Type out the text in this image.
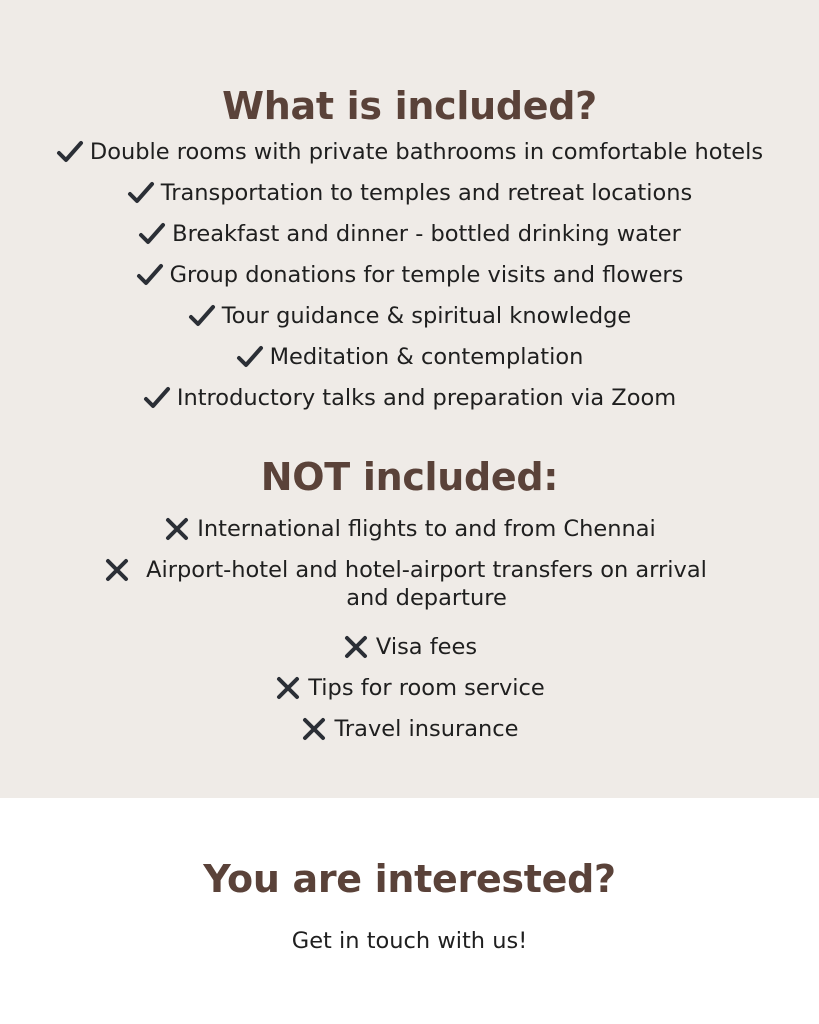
What is included?
Double rooms with private bathrooms in comfortable hotels
Transportation to temples and retreat locations
Breakfast and dinner - bottled drinking water
Group donations for temple visits and flowers
Tour guidance & spiritual knowledge
Meditation & contemplation
Introductory talks and preparation via Zoom
NOT included:
International flights to and from Chennai
Airport-hotel and hotel-airport transfers on arrival and departure
Visa fees
Tips for room service
Travel insurance
You are interested?

Get in touch with us!
